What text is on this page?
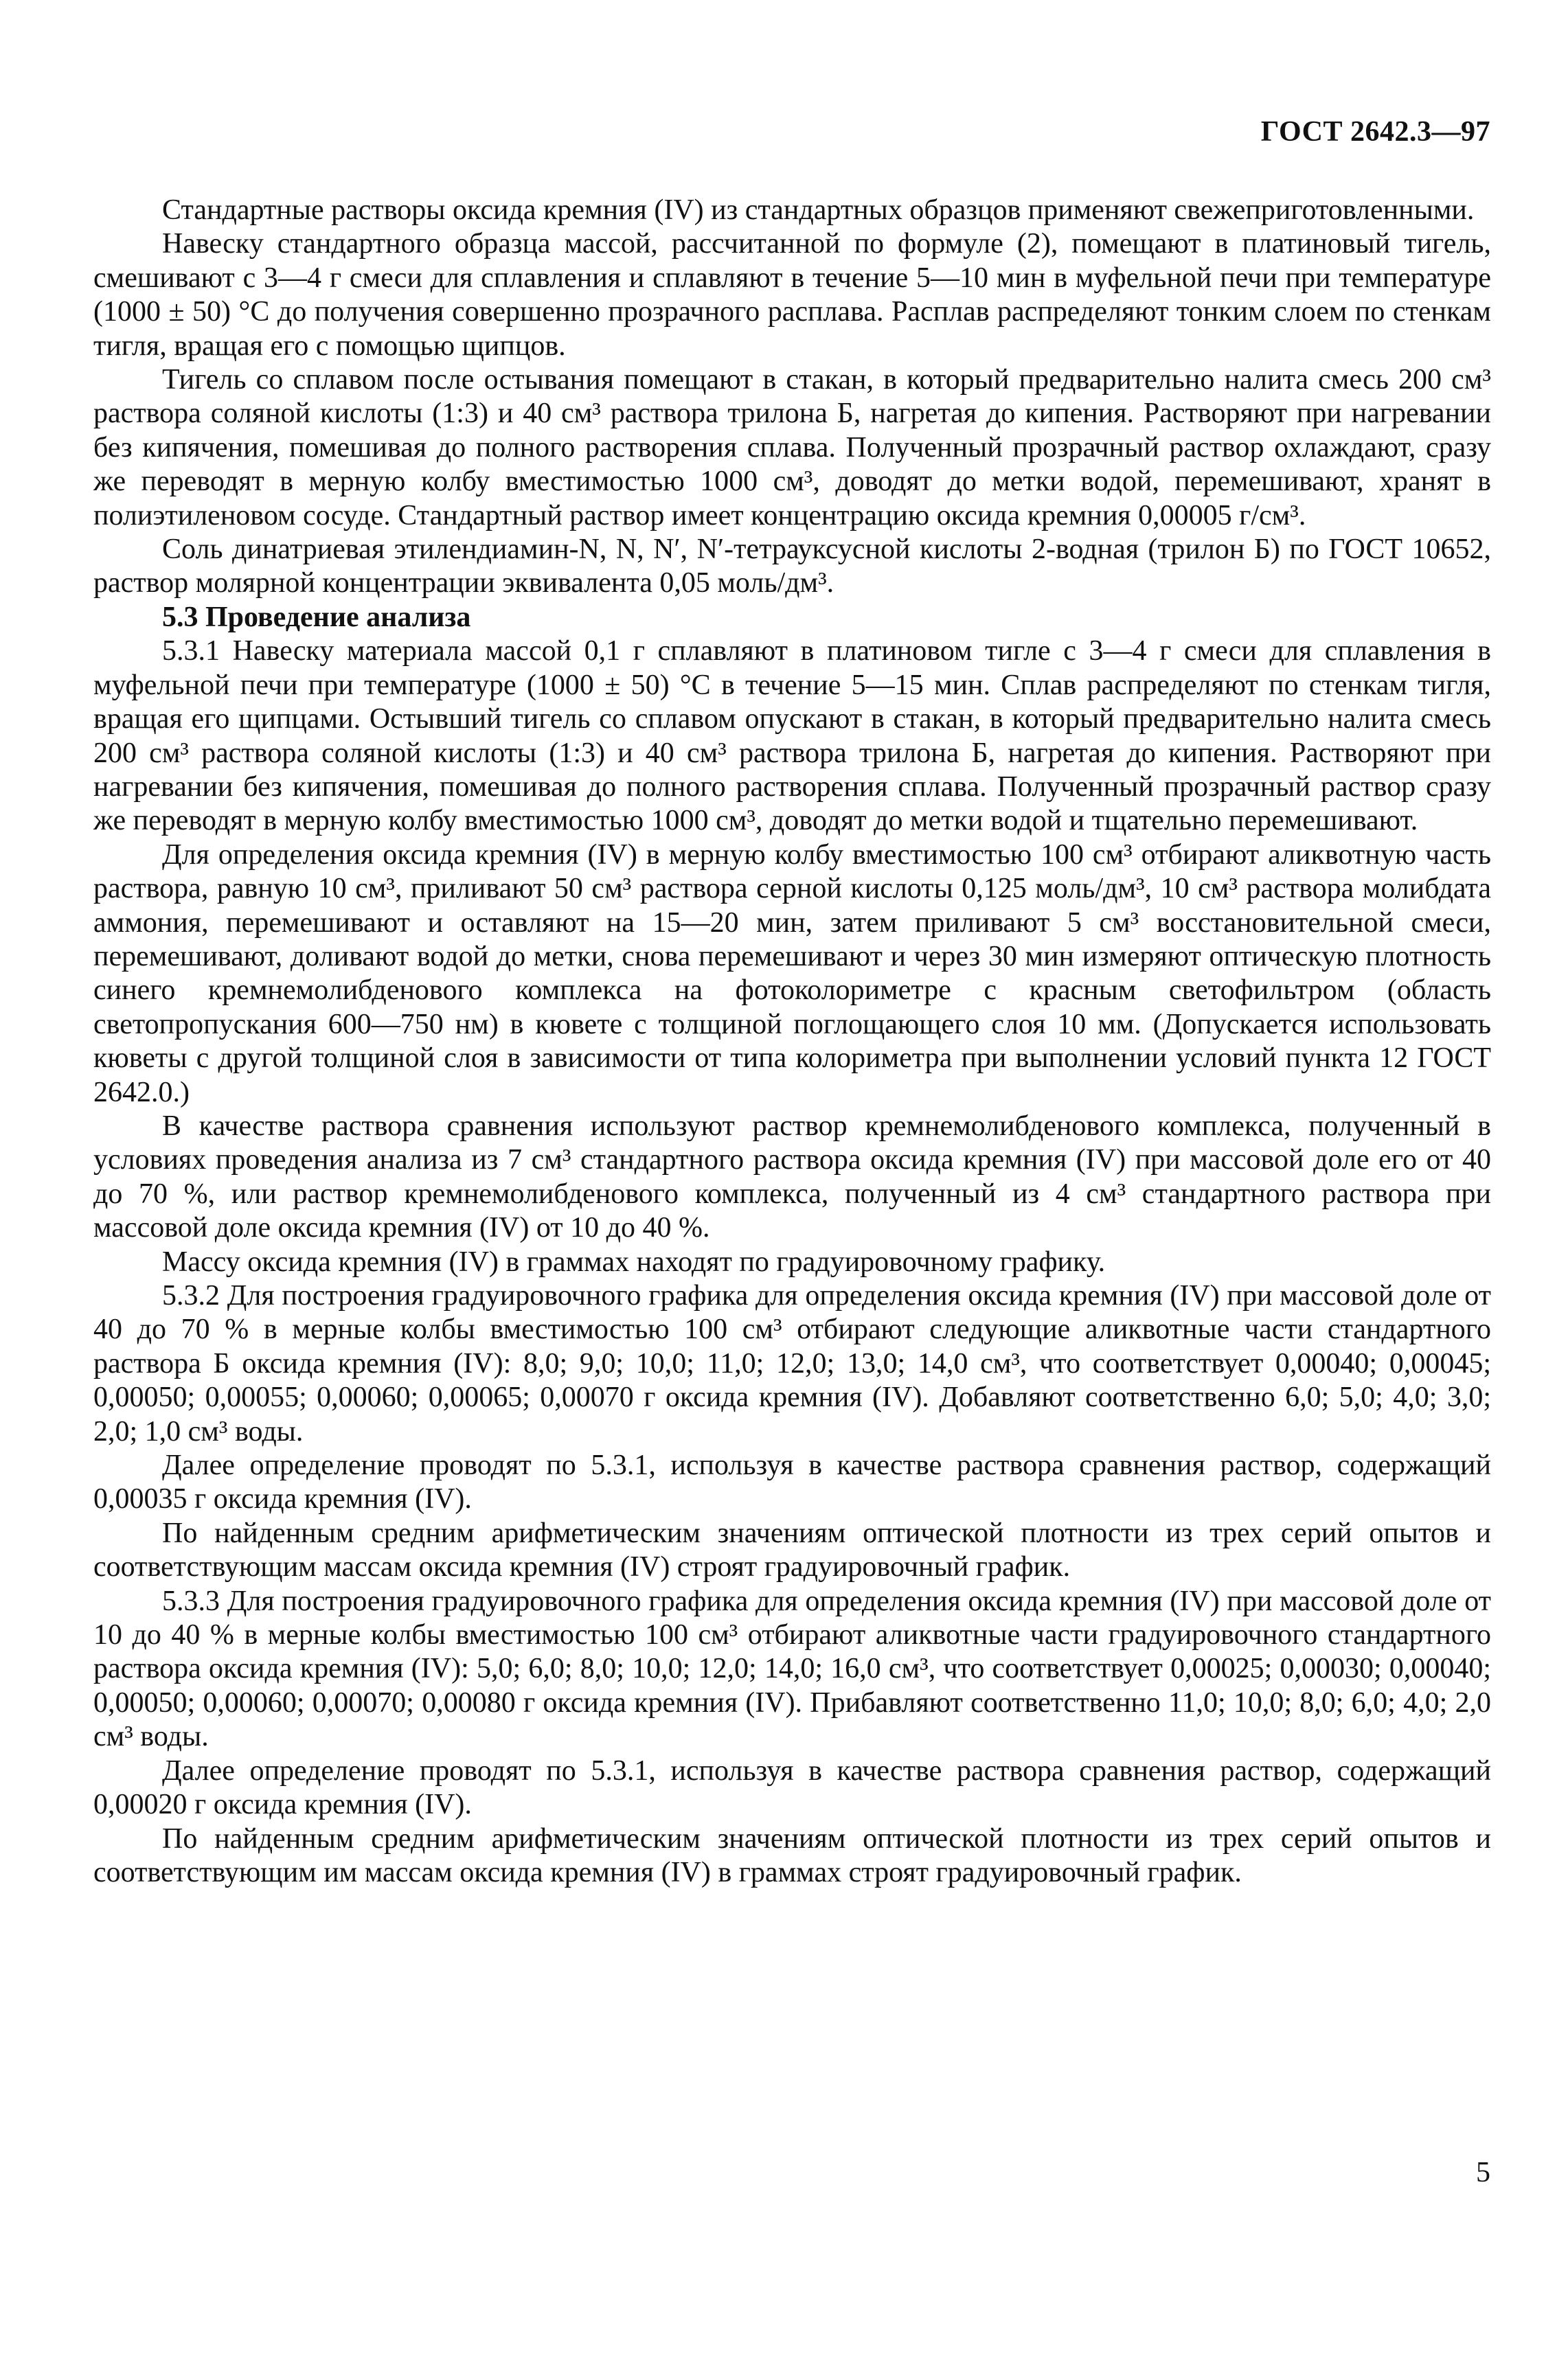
ГОСТ 2642.3—97

Стандартные растворы оксида кремния (IV) из стандартных образцов применяют свежеприготовленными.

Навеску стандартного образца массой, рассчитанной по формуле (2), помещают в платиновый тигель, смешивают с 3—4 г смеси для сплавления и сплавляют в течение 5—10 мин в муфельной печи при температуре (1000 ± 50) °С до получения совершенно прозрачного расплава. Расплав распределяют тонким слоем по стенкам тигля, вращая его с помощью щипцов.

Тигель со сплавом после остывания помещают в стакан, в который предварительно налита смесь 200 см³ раствора соляной кислоты (1:3) и 40 см³ раствора трилона Б, нагретая до кипения. Растворяют при нагревании без кипячения, помешивая до полного растворения сплава. Полученный прозрачный раствор охлаждают, сразу же переводят в мерную колбу вместимостью 1000 см³, доводят до метки водой, перемешивают, хранят в полиэтиленовом сосуде. Стандартный раствор имеет концентрацию оксида кремния 0,00005 г/см³.

Соль динатриевая этилендиамин-N, N, N′, N′-тетрауксусной кислоты 2-водная (трилон Б) по ГОСТ 10652, раствор молярной концентрации эквивалента 0,05 моль/дм³.

5.3 Проведение анализа

5.3.1 Навеску материала массой 0,1 г сплавляют в платиновом тигле с 3—4 г смеси для сплавления в муфельной печи при температуре (1000 ± 50) °С в течение 5—15 мин. Сплав распределяют по стенкам тигля, вращая его щипцами. Остывший тигель со сплавом опускают в стакан, в который предварительно налита смесь 200 см³ раствора соляной кислоты (1:3) и 40 см³ раствора трилона Б, нагретая до кипения. Растворяют при нагревании без кипячения, помешивая до полного растворения сплава. Полученный прозрачный раствор сразу же переводят в мерную колбу вместимостью 1000 см³, доводят до метки водой и тщательно перемешивают.

Для определения оксида кремния (IV) в мерную колбу вместимостью 100 см³ отбирают аликвотную часть раствора, равную 10 см³, приливают 50 см³ раствора серной кислоты 0,125 моль/дм³, 10 см³ раствора молибдата аммония, перемешивают и оставляют на 15—20 мин, затем приливают 5 см³ восстановительной смеси, перемешивают, доливают водой до метки, снова перемешивают и через 30 мин измеряют оптическую плотность синего кремнемолибденового комплекса на фотоколориметре с красным светофильтром (область светопропускания 600—750 нм) в кювете с толщиной поглощающего слоя 10 мм. (Допускается использовать кюветы с другой толщиной слоя в зависимости от типа колориметра при выполнении условий пункта 12 ГОСТ 2642.0.)

В качестве раствора сравнения используют раствор кремнемолибденового комплекса, полученный в условиях проведения анализа из 7 см³ стандартного раствора оксида кремния (IV) при массовой доле его от 40 до 70 %, или раствор кремнемолибденового комплекса, полученный из 4 см³ стандартного раствора при массовой доле оксида кремния (IV) от 10 до 40 %.

Массу оксида кремния (IV) в граммах находят по градуировочному графику.

5.3.2 Для построения градуировочного графика для определения оксида кремния (IV) при массовой доле от 40 до 70 % в мерные колбы вместимостью 100 см³ отбирают следующие аликвотные части стандартного раствора Б оксида кремния (IV): 8,0; 9,0; 10,0; 11,0; 12,0; 13,0; 14,0 см³, что соответствует 0,00040; 0,00045; 0,00050; 0,00055; 0,00060; 0,00065; 0,00070 г оксида кремния (IV). Добавляют соответственно 6,0; 5,0; 4,0; 3,0; 2,0; 1,0 см³ воды.

Далее определение проводят по 5.3.1, используя в качестве раствора сравнения раствор, содержащий 0,00035 г оксида кремния (IV).

По найденным средним арифметическим значениям оптической плотности из трех серий опытов и соответствующим массам оксида кремния (IV) строят градуировочный график.

5.3.3 Для построения градуировочного графика для определения оксида кремния (IV) при массовой доле от 10 до 40 % в мерные колбы вместимостью 100 см³ отбирают аликвотные части градуировочного стандартного раствора оксида кремния (IV): 5,0; 6,0; 8,0; 10,0; 12,0; 14,0; 16,0 см³, что соответствует 0,00025; 0,00030; 0,00040; 0,00050; 0,00060; 0,00070; 0,00080 г оксида кремния (IV). Прибавляют соответственно 11,0; 10,0; 8,0; 6,0; 4,0; 2,0 см³ воды.

Далее определение проводят по 5.3.1, используя в качестве раствора сравнения раствор, содержащий 0,00020 г оксида кремния (IV).

По найденным средним арифметическим значениям оптической плотности из трех серий опытов и соответствующим им массам оксида кремния (IV) в граммах строят градуировочный график.

5
